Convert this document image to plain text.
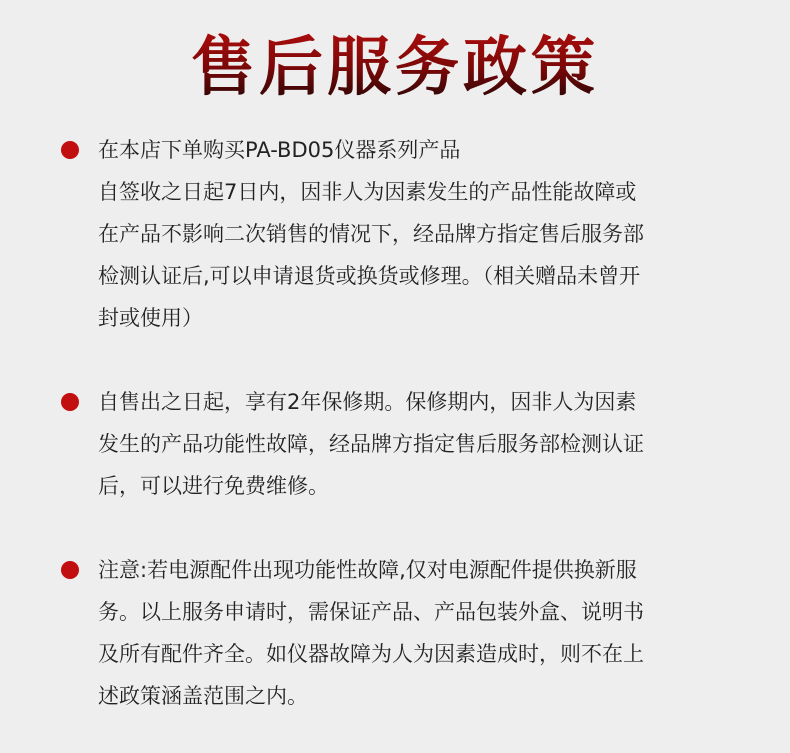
售后服务政策
在本店下单购买PA-BD05仪器系列产品
自签收之日起7日内，因非人为因素发生的产品性能故障或
在产品不影响二次销售的情况下，经品牌方指定售后服务部
检测认证后,可以申请退货或换货或修理。（相关赠品未曾开
封或使用）
自售出之日起，享有2年保修期。保修期内，因非人为因素
发生的产品功能性故障，经品牌方指定售后服务部检测认证
后，可以进行免费维修。
注意:若电源配件出现功能性故障,仅对电源配件提供换新服
务。以上服务申请时，需保证产品、产品包装外盒、说明书
及所有配件齐全。如仪器故障为人为因素造成时，则不在上
述政策涵盖范围之内。
